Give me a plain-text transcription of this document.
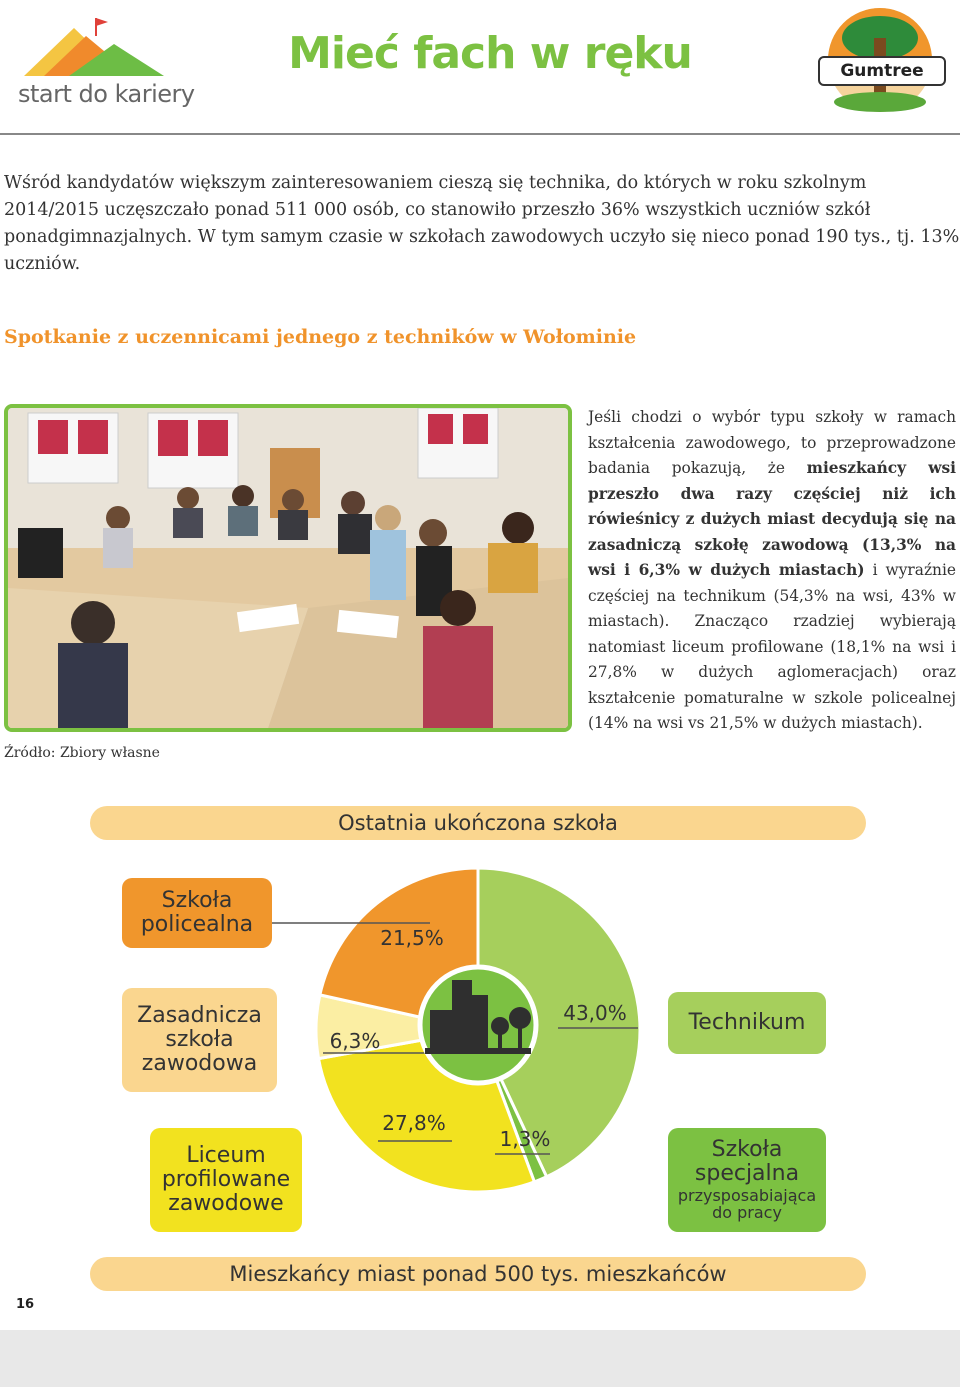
start do kariery
Mieć fach w ręku	Gumtree
Wśród kandydatów większym zainteresowaniem cieszą się technika, do których w roku szkolnym 2014/2015 uczęszczało ponad 511 000 osób, co stanowiło przeszło 36% wszystkich uczniów szkół ponadgimnazjalnych. W tym samym czasie w szkołach zawodowych uczyło się nieco ponad 190 tys., tj. 13% uczniów.
Spotkanie z uczennicami jednego z techników w Wołominie
Jeśli chodzi o wybór typu szkoły w ramach kształcenia zawodowego, to przeprowadzone badania pokazują, że mieszkańcy wsi przeszło dwa razy częściej niż ich rówieśnicy z dużych miast decydują się na zasadniczą szkołę zawodową (13,3% na wsi i 6,3% w dużych miastach) i wyraźnie częściej na technikum (54,3% na wsi, 43% w miastach). Znacząco rzadziej wybierają natomiast liceum profilowane (18,1% na wsi i 27,8% w dużych aglomeracjach) oraz kształcenie pomaturalne w szkole policealnej (14% na wsi vs 21,5% w dużych miastach).
Źródło: Zbiory własne
Ostatnia ukończona szkoła
21,5%
6,3%
27,8%
43,0%
1,3%
Szkoła
policealna
Zasadnicza
szkoła
zawodowa
Liceum
profilowane
zawodowe
Technikum
Szkoła
specjalna
przysposabiająca
do pracy
Mieszkańcy miast ponad 500 tys. mieszkańców
16
